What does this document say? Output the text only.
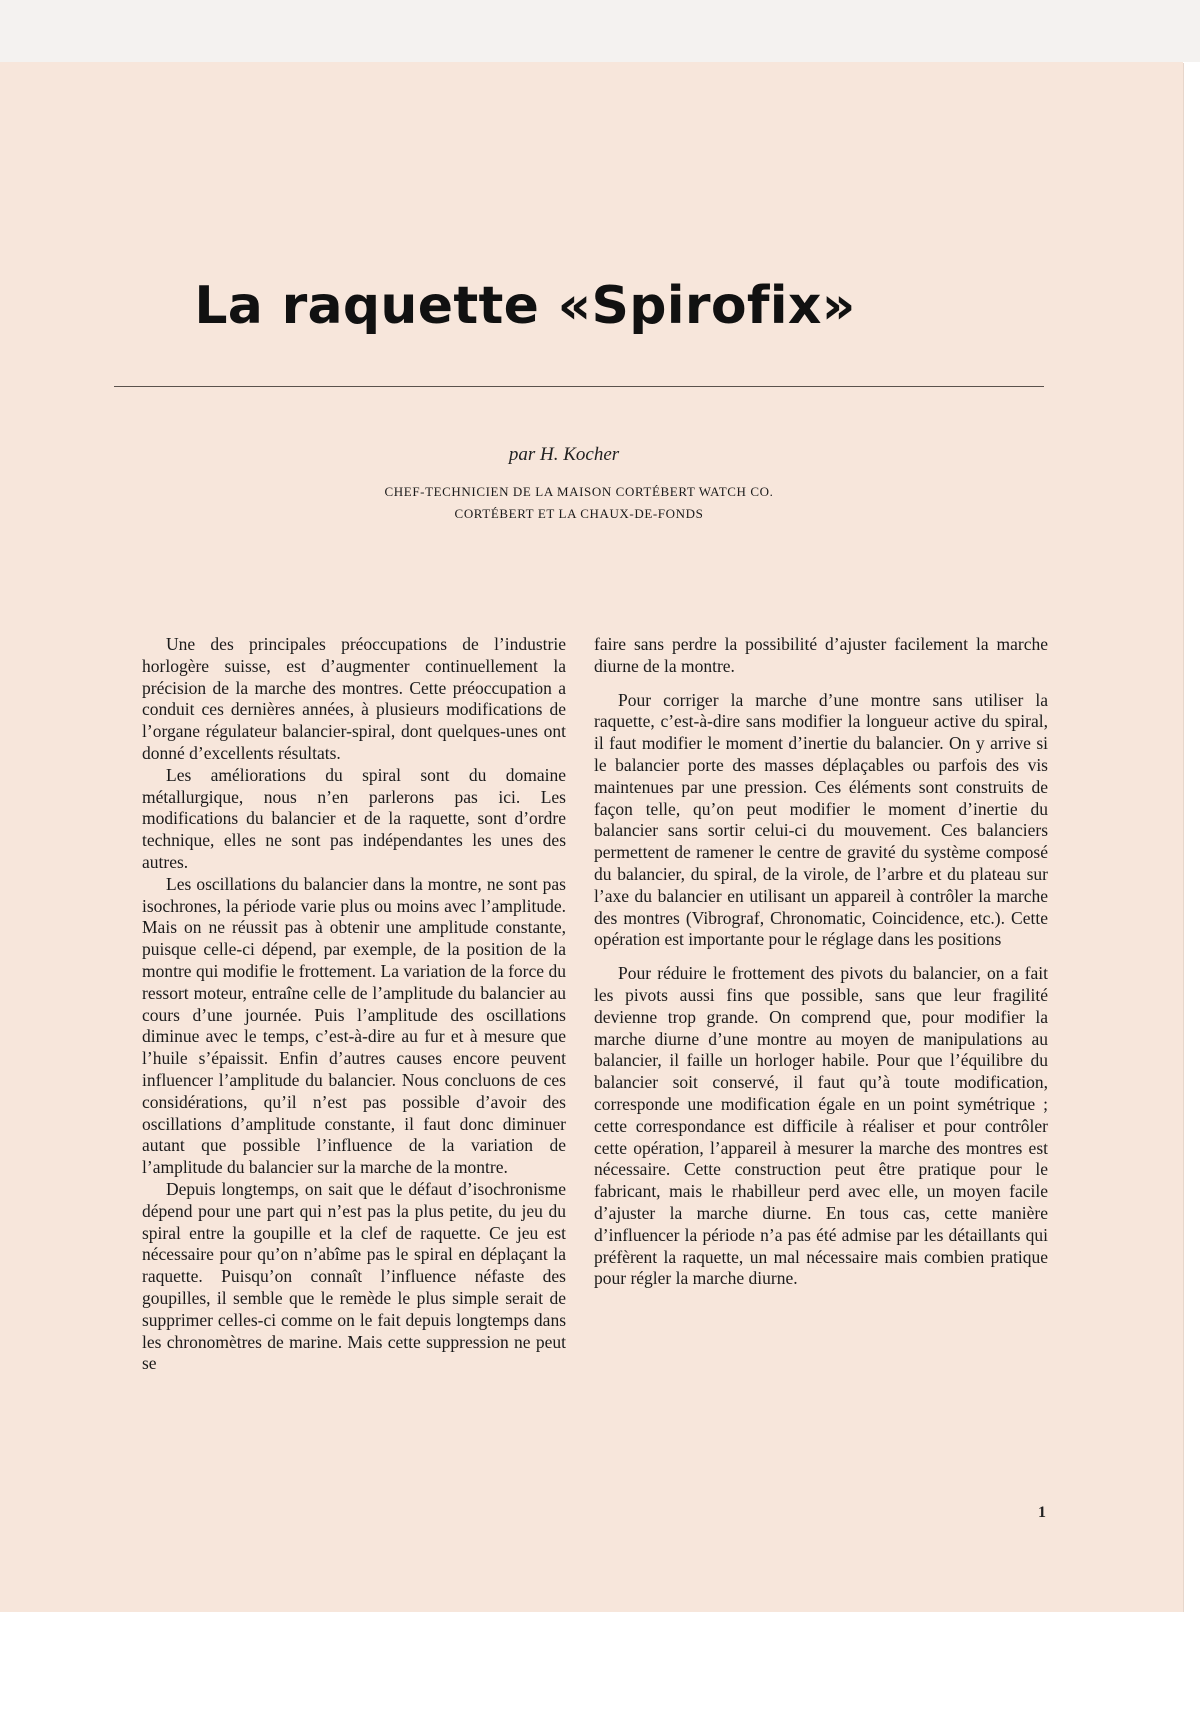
La raquette «Spirofix»
par H. Kocher
CHEF-TECHNICIEN DE LA MAISON CORTÉBERT WATCH CO.
CORTÉBERT ET LA CHAUX-DE-FONDS

Une des principales préoccupations de l’industrie horlogère suisse, est d’augmenter continuellement la précision de la marche des montres. Cette préoccupation a conduit ces dernières années, à plusieurs modifications de l’organe régulateur balancier-spiral, dont quelques-unes ont donné d’excellents résultats.

Les améliorations du spiral sont du domaine métallurgique, nous n’en parlerons pas ici. Les modifications du balancier et de la raquette, sont d’ordre technique, elles ne sont pas indépendantes les unes des autres.

Les oscillations du balancier dans la montre, ne sont pas isochrones, la période varie plus ou moins avec l’amplitude. Mais on ne réussit pas à obtenir une amplitude constante, puisque celle-ci dépend, par exemple, de la position de la montre qui modifie le frottement. La variation de la force du ressort moteur, entraîne celle de l’amplitude du balancier au cours d’une journée. Puis l’amplitude des oscillations diminue avec le temps, c’est-à-dire au fur et à mesure que l’huile s’épaissit. Enfin d’autres causes encore peuvent influencer l’amplitude du balancier. Nous concluons de ces considérations, qu’il n’est pas possible d’avoir des oscillations d’amplitude constante, il faut donc diminuer autant que possible l’influence de la variation de l’amplitude du balancier sur la marche de la montre.

Depuis longtemps, on sait que le défaut d’isochronisme dépend pour une part qui n’est pas la plus petite, du jeu du spiral entre la goupille et la clef de raquette. Ce jeu est nécessaire pour qu’on n’abîme pas le spiral en déplaçant la raquette. Puisqu’on connaît l’influence néfaste des goupilles, il semble que le remède le plus simple serait de supprimer celles-ci comme on le fait depuis longtemps dans les chronomètres de marine. Mais cette suppression ne peut se

faire sans perdre la possibilité d’ajuster facilement la marche diurne de la montre.

Pour corriger la marche d’une montre sans utiliser la raquette, c’est-à-dire sans modifier la longueur active du spiral, il faut modifier le moment d’inertie du balancier. On y arrive si le balancier porte des masses déplaçables ou parfois des vis maintenues par une pression. Ces éléments sont construits de façon telle, qu’on peut modifier le moment d’inertie du balancier sans sortir celui-ci du mouvement. Ces balanciers permettent de ramener le centre de gravité du système composé du balancier, du spiral, de la virole, de l’arbre et du plateau sur l’axe du balancier en utilisant un appareil à contrôler la marche des montres (Vibrograf, Chronomatic, Coincidence, etc.). Cette opération est importante pour le réglage dans les positions

Pour réduire le frottement des pivots du balancier, on a fait les pivots aussi fins que possible, sans que leur fragilité devienne trop grande. On comprend que, pour modifier la marche diurne d’une montre au moyen de manipulations au balancier, il faille un horloger habile. Pour que l’équilibre du balancier soit conservé, il faut qu’à toute modification, corresponde une modification égale en un point symétrique ; cette correspondance est difficile à réaliser et pour contrôler cette opération, l’appareil à mesurer la marche des montres est nécessaire. Cette construction peut être pratique pour le fabricant, mais le rhabilleur perd avec elle, un moyen facile d’ajuster la marche diurne. En tous cas, cette manière d’influencer la période n’a pas été admise par les détaillants qui préfèrent la raquette, un mal nécessaire mais combien pratique pour régler la marche diurne.

1
